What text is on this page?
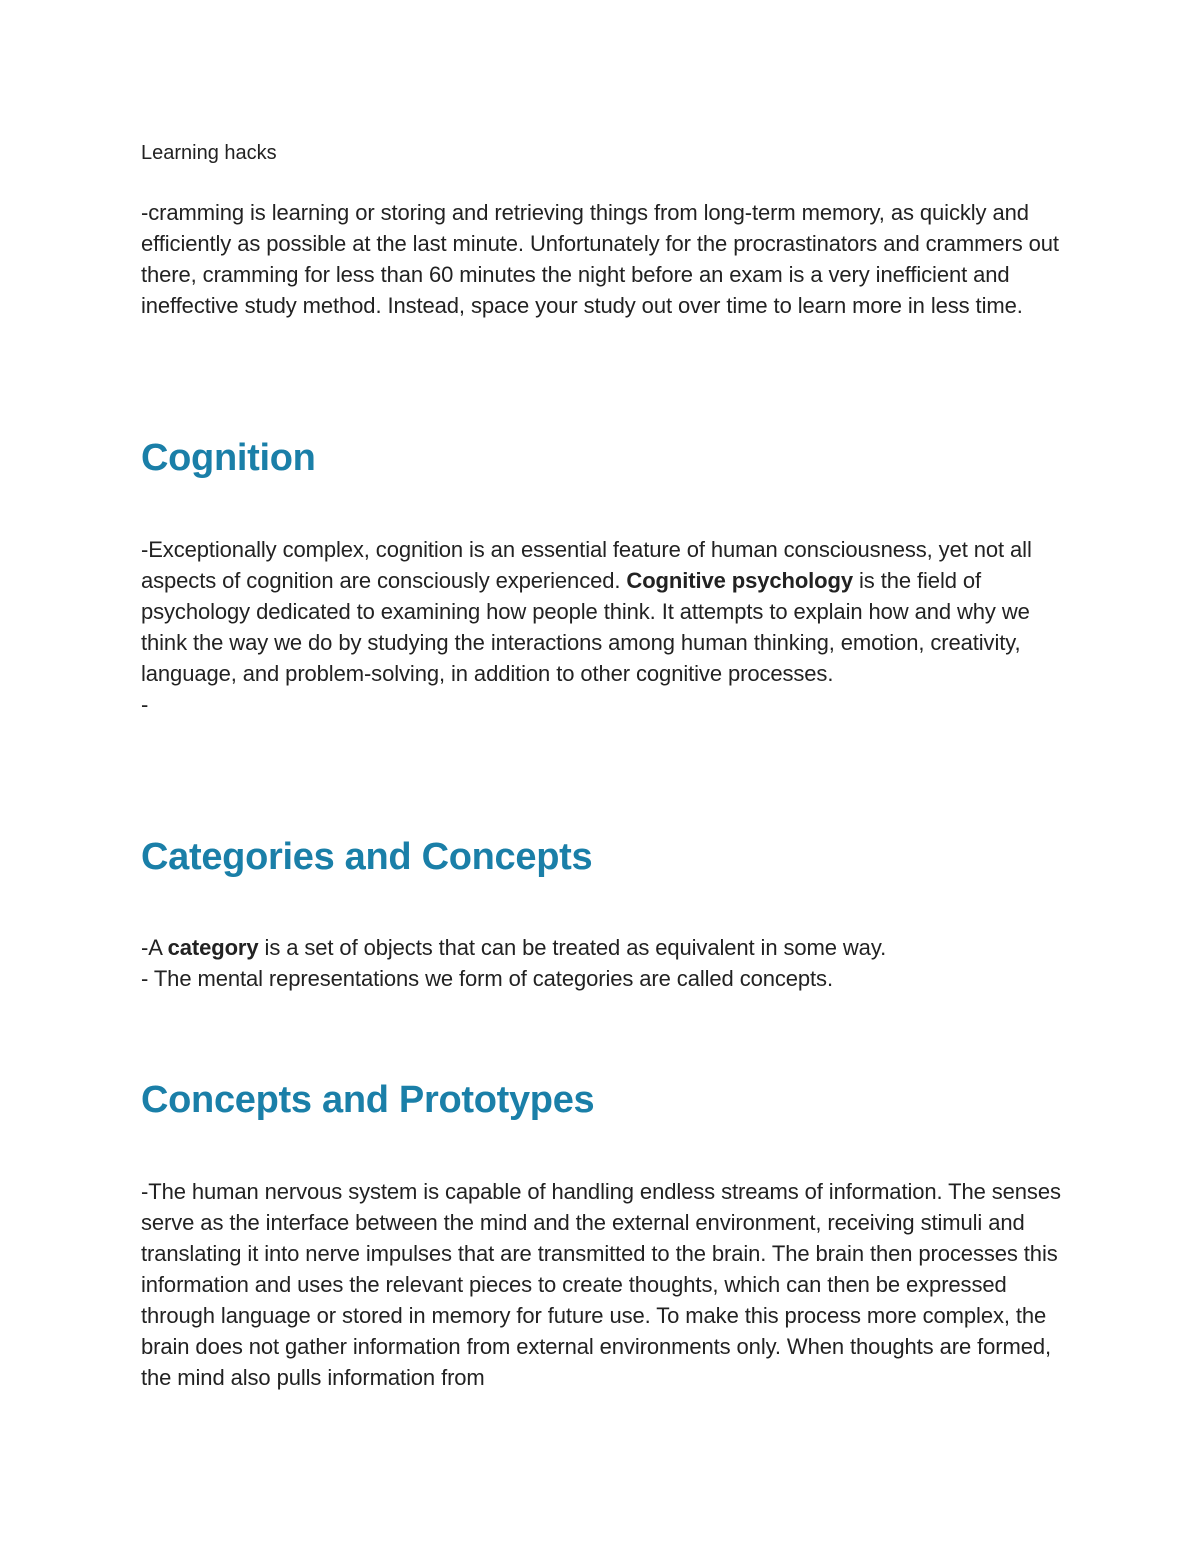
Learning hacks

-cramming is learning or storing and retrieving things from long-term memory, as quickly and efficiently as possible at the last minute. Unfortunately for the procrastinators and crammers out there, cramming for less than 60 minutes the night before an exam is a very inefficient and ineffective study method. Instead, space your study out over time to learn more in less time.

Cognition

-Exceptionally complex, cognition is an essential feature of human consciousness, yet not all aspects of cognition are consciously experienced. Cognitive psychology is the field of psychology dedicated to examining how people think. It attempts to explain how and why we think the way we do by studying the interactions among human thinking, emotion, creativity, language, and problem-solving, in addition to other cognitive processes.

-

Categories and Concepts

-A category is a set of objects that can be treated as equivalent in some way.

- The mental representations we form of categories are called concepts.

Concepts and Prototypes

-The human nervous system is capable of handling endless streams of information. The senses serve as the interface between the mind and the external environment, receiving stimuli and translating it into nerve impulses that are transmitted to the brain. The brain then processes this information and uses the relevant pieces to create thoughts, which can then be expressed through language or stored in memory for future use. To make this process more complex, the brain does not gather information from external environments only. When thoughts are formed, the mind also pulls information from
